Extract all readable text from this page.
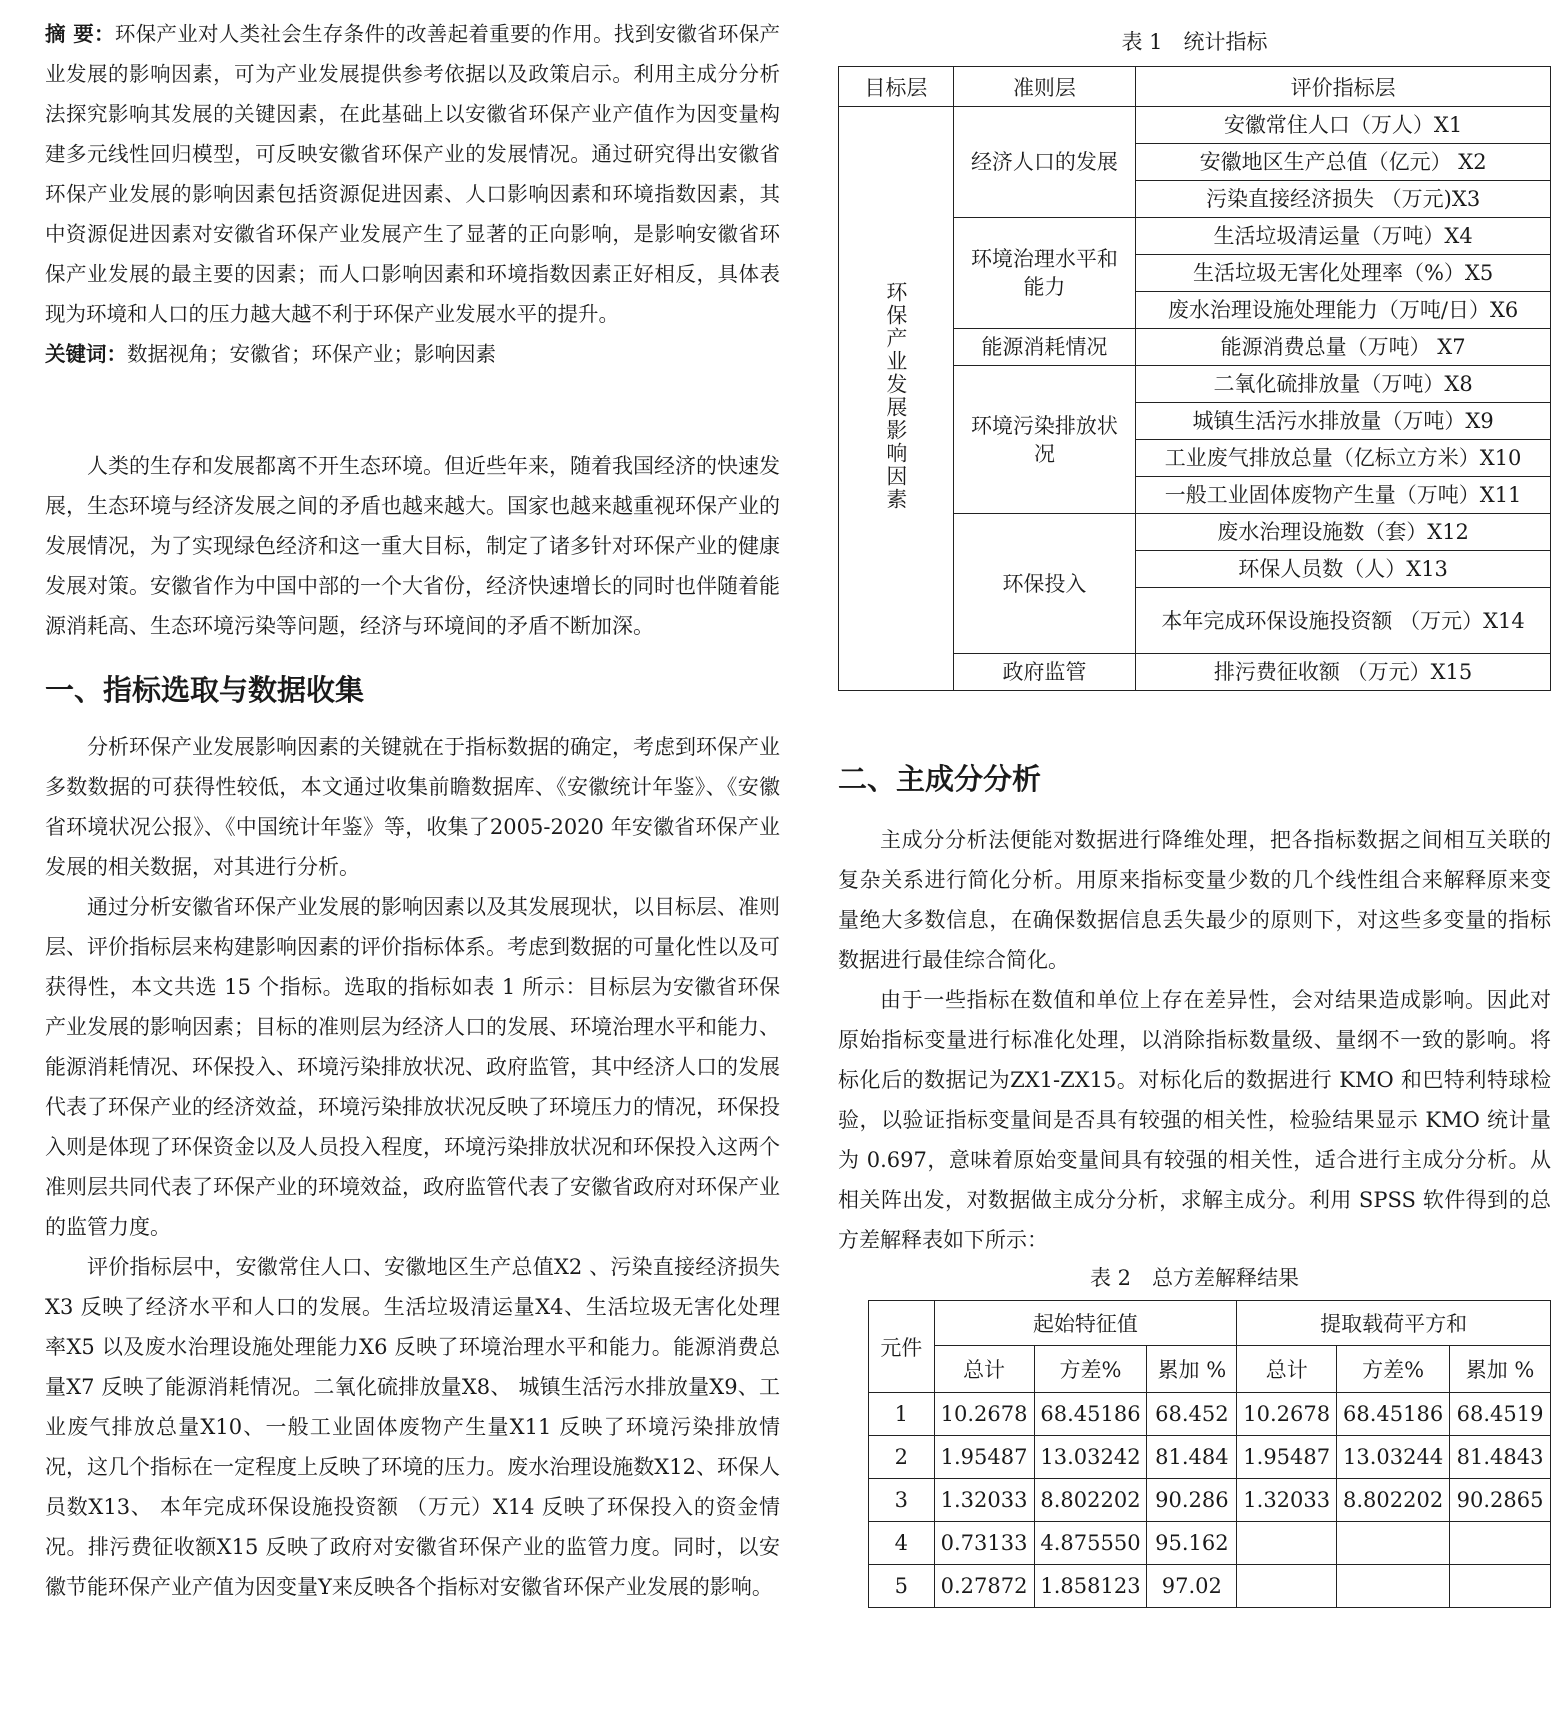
摘 要：环保产业对人类社会生存条件的改善起着重要的作用。找到安徽省环保产业发展的影响因素，可为产业发展提供参考依据以及政策启示。利用主成分分析法探究影响其发展的关键因素，在此基础上以安徽省环保产业产值作为因变量构建多元线性回归模型，可反映安徽省环保产业的发展情况。通过研究得出安徽省环保产业发展的影响因素包括资源促进因素、人口影响因素和环境指数因素，其中资源促进因素对安徽省环保产业发展产生了显著的正向影响，是影响安徽省环保产业发展的最主要的因素；而人口影响因素和环境指数因素正好相反，具体表现为环境和人口的压力越大越不利于环保产业发展水平的提升。

关键词：数据视角；安徽省；环保产业；影响因素

人类的生存和发展都离不开生态环境。但近些年来，随着我国经济的快速发展，生态环境与经济发展之间的矛盾也越来越大。国家也越来越重视环保产业的发展情况，为了实现绿色经济和这一重大目标，制定了诸多针对环保产业的健康发展对策。安徽省作为中国中部的一个大省份，经济快速增长的同时也伴随着能源消耗高、生态环境污染等问题，经济与环境间的矛盾不断加深。

一、指标选取与数据收集

分析环保产业发展影响因素的关键就在于指标数据的确定，考虑到环保产业多数数据的可获得性较低，本文通过收集前瞻数据库、《安徽统计年鉴》、《安徽省环境状况公报》、《中国统计年鉴》等，收集了2005-2020 年安徽省环保产业发展的相关数据，对其进行分析。

通过分析安徽省环保产业发展的影响因素以及其发展现状，以目标层、准则层、评价指标层来构建影响因素的评价指标体系。考虑到数据的可量化性以及可获得性，本文共选 15 个指标。选取的指标如表 1 所示：目标层为安徽省环保产业发展的影响因素；目标的准则层为经济人口的发展、环境治理水平和能力、能源消耗情况、环保投入、环境污染排放状况、政府监管，其中经济人口的发展代表了环保产业的经济效益，环境污染排放状况反映了环境压力的情况，环保投入则是体现了环保资金以及人员投入程度，环境污染排放状况和环保投入这两个准则层共同代表了环保产业的环境效益，政府监管代表了安徽省政府对环保产业的监管力度。

评价指标层中，安徽常住人口、安徽地区生产总值X2 、污染直接经济损失X3 反映了经济水平和人口的发展。生活垃圾清运量X4、生活垃圾无害化处理率X5 以及废水治理设施处理能力X6 反映了环境治理水平和能力。能源消费总量X7 反映了能源消耗情况。二氧化硫排放量X8、 城镇生活污水排放量X9、工业废气排放总量X10、一般工业固体废物产生量X11 反映了环境污染排放情况，这几个指标在一定程度上反映了环境的压力。废水治理设施数X12、环保人员数X13、 本年完成环保设施投资额 （万元）X14 反映了环保投入的资金情况。排污费征收额X15 反映了政府对安徽省环保产业的监管力度。同时，以安徽节能环保产业产值为因变量Y来反映各个指标对安徽省环保产业发展的影响。

表 1　统计指标

目标层	准则层	评价指标层
环保产业发展影响因素	经济人口的发展	安徽常住人口（万人）X1
		安徽地区生产总值（亿元） X2
		污染直接经济损失 （万元)X3
	环境治理水平和能力	生活垃圾清运量（万吨）X4
		生活垃圾无害化处理率（%）X5
		废水治理设施处理能力（万吨/日）X6
	能源消耗情况	能源消费总量（万吨） X7
	环境污染排放状况	二氧化硫排放量（万吨）X8
		城镇生活污水排放量（万吨）X9
		工业废气排放总量（亿标立方米）X10
		一般工业固体废物产生量（万吨）X11
	环保投入	废水治理设施数（套）X12
		环保人员数（人）X13
		本年完成环保设施投资额 （万元）X14
	政府监管	排污费征收额 （万元）X15
二、主成分分析

主成分分析法便能对数据进行降维处理，把各指标数据之间相互关联的复杂关系进行简化分析。用原来指标变量少数的几个线性组合来解释原来变量绝大多数信息，在确保数据信息丢失最少的原则下，对这些多变量的指标数据进行最佳综合简化。

由于一些指标在数值和单位上存在差异性，会对结果造成影响。因此对原始指标变量进行标准化处理，以消除指标数量级、量纲不一致的影响。将标化后的数据记为ZX1-ZX15。对标化后的数据进行 KMO 和巴特利特球检验，以验证指标变量间是否具有较强的相关性，检验结果显示 KMO 统计量为 0.697，意味着原始变量间具有较强的相关性，适合进行主成分分析。从相关阵出发，对数据做主成分分析，求解主成分。利用 SPSS 软件得到的总方差解释表如下所示：

表 2　总方差解释结果

元件	起始特征值			提取载荷平方和		
	总计	方差%	累加 %	总计	方差%	累加 %
1	10.2678	68.45186	68.452	10.2678	68.45186	68.4519
2	1.95487	13.03242	81.484	1.95487	13.03244	81.4843
3	1.32033	8.802202	90.286	1.32033	8.802202	90.2865
4	0.73133	4.875550	95.162			
5	0.27872	1.858123	97.02			
